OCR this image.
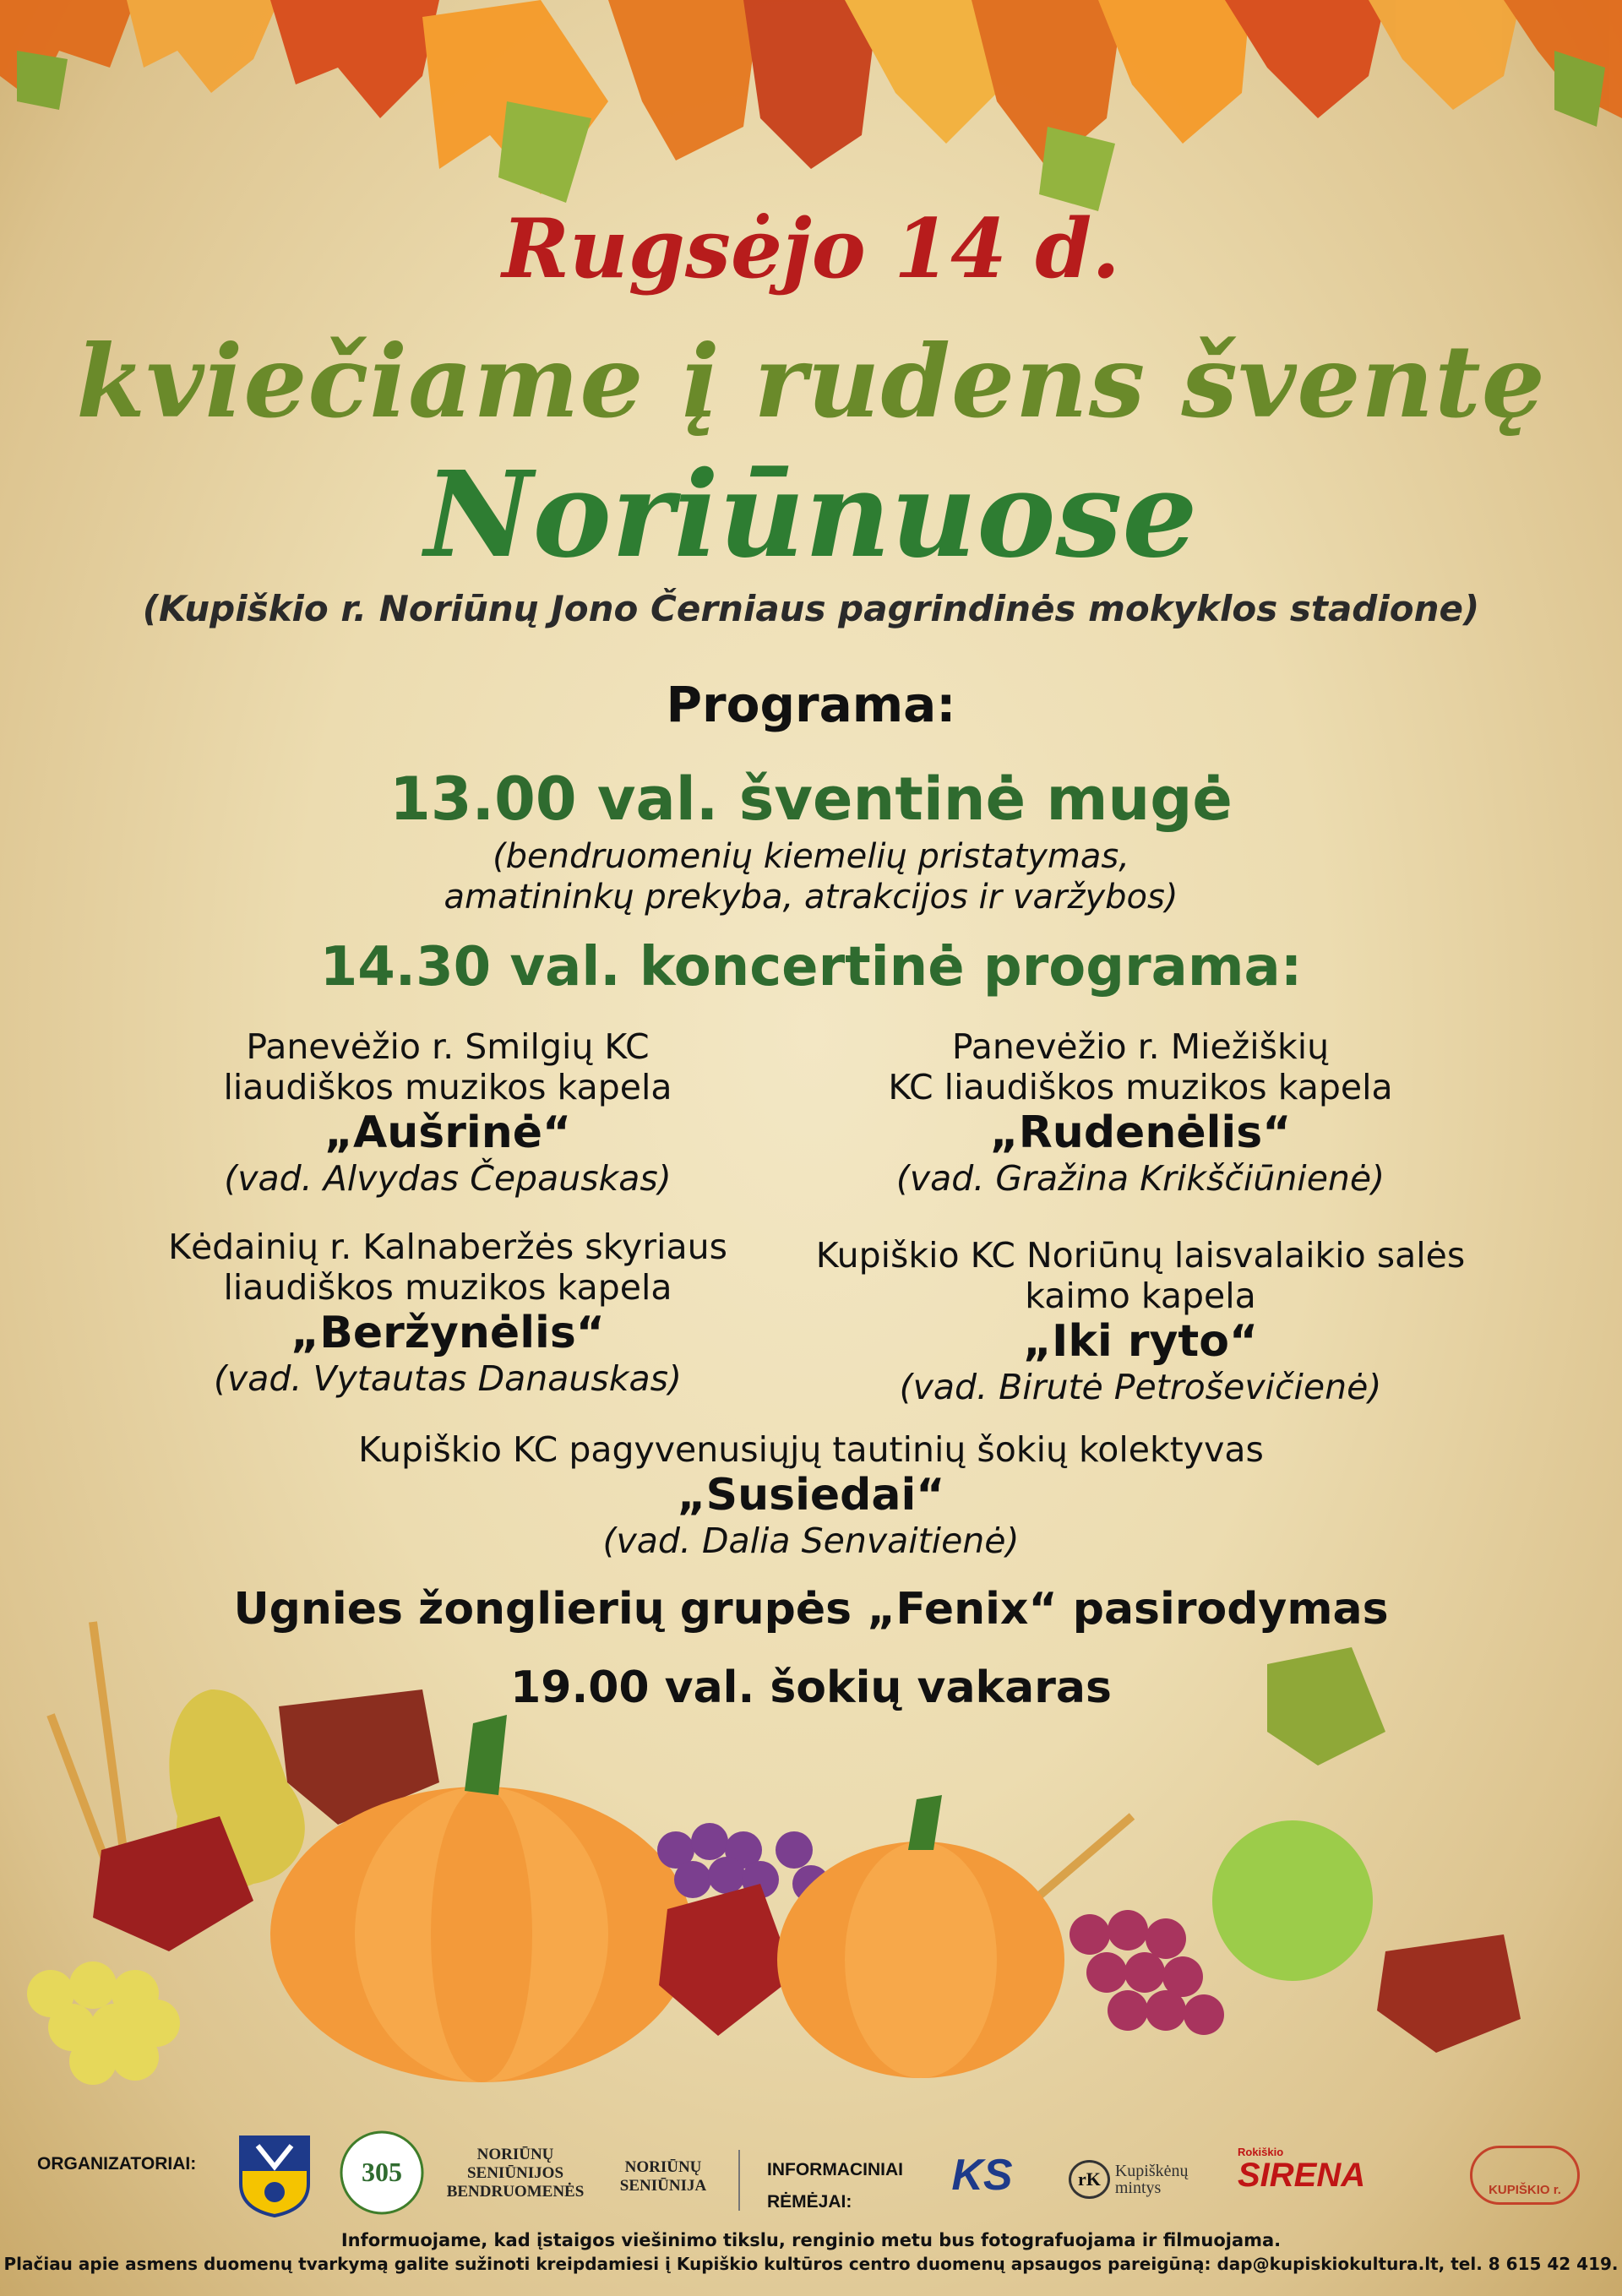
Rugsėjo 14 d.
kviečiame į rudens šventę
Noriūnuose
(Kupiškio r. Noriūnų Jono Černiaus pagrindinės mokyklos stadione)
Programa:
13.00 val. šventinė mugė
(bendruomenių kiemelių pristatymas,
amatininkų prekyba, atrakcijos ir varžybos)
14.30 val. koncertinė programa:
Panevėžio r. Smilgių KC
liaudiškos muzikos kapela
„Aušrinė“
(vad. Alvydas Čepauskas)
Panevėžio r. Miežiškių
KC liaudiškos muzikos kapela
„Rudenėlis“
(vad. Gražina Krikščiūnienė)
Kėdainių r. Kalnaberžės skyriaus
liaudiškos muzikos kapela
„Beržynėlis“
(vad. Vytautas Danauskas)
Kupiškio KC Noriūnų laisvalaikio salės
kaimo kapela
„Iki ryto“
(vad. Birutė Petroševičienė)
Kupiškio KC pagyvenusiųjų tautinių šokių kolektyvas
„Susiedai“
(vad. Dalia Senvaitienė)
Ugnies žonglierių grupės „Fenix“ pasirodymas
19.00 val. šokių vakaras
ORGANIZATORIAI:	305
NORIŪNŲ SENIŪNIJOS BENDRUOMENĖS
NORIŪNŲ SENIŪNIJA
INFORMACINIAI
RĖMĖJAI:
KS	rK Kupiškėnų mintys
Rokiškio
SIRENA	KUPIŠKIO r.
Informuojame, kad įstaigos viešinimo tikslu, renginio metu bus fotografuojama ir filmuojama.
Plačiau apie asmens duomenų tvarkymą galite sužinoti kreipdamiesi į Kupiškio kultūros centro duomenų apsaugos pareigūną: dap@kupiskiokultura.lt, tel. 8 615 42 419.
